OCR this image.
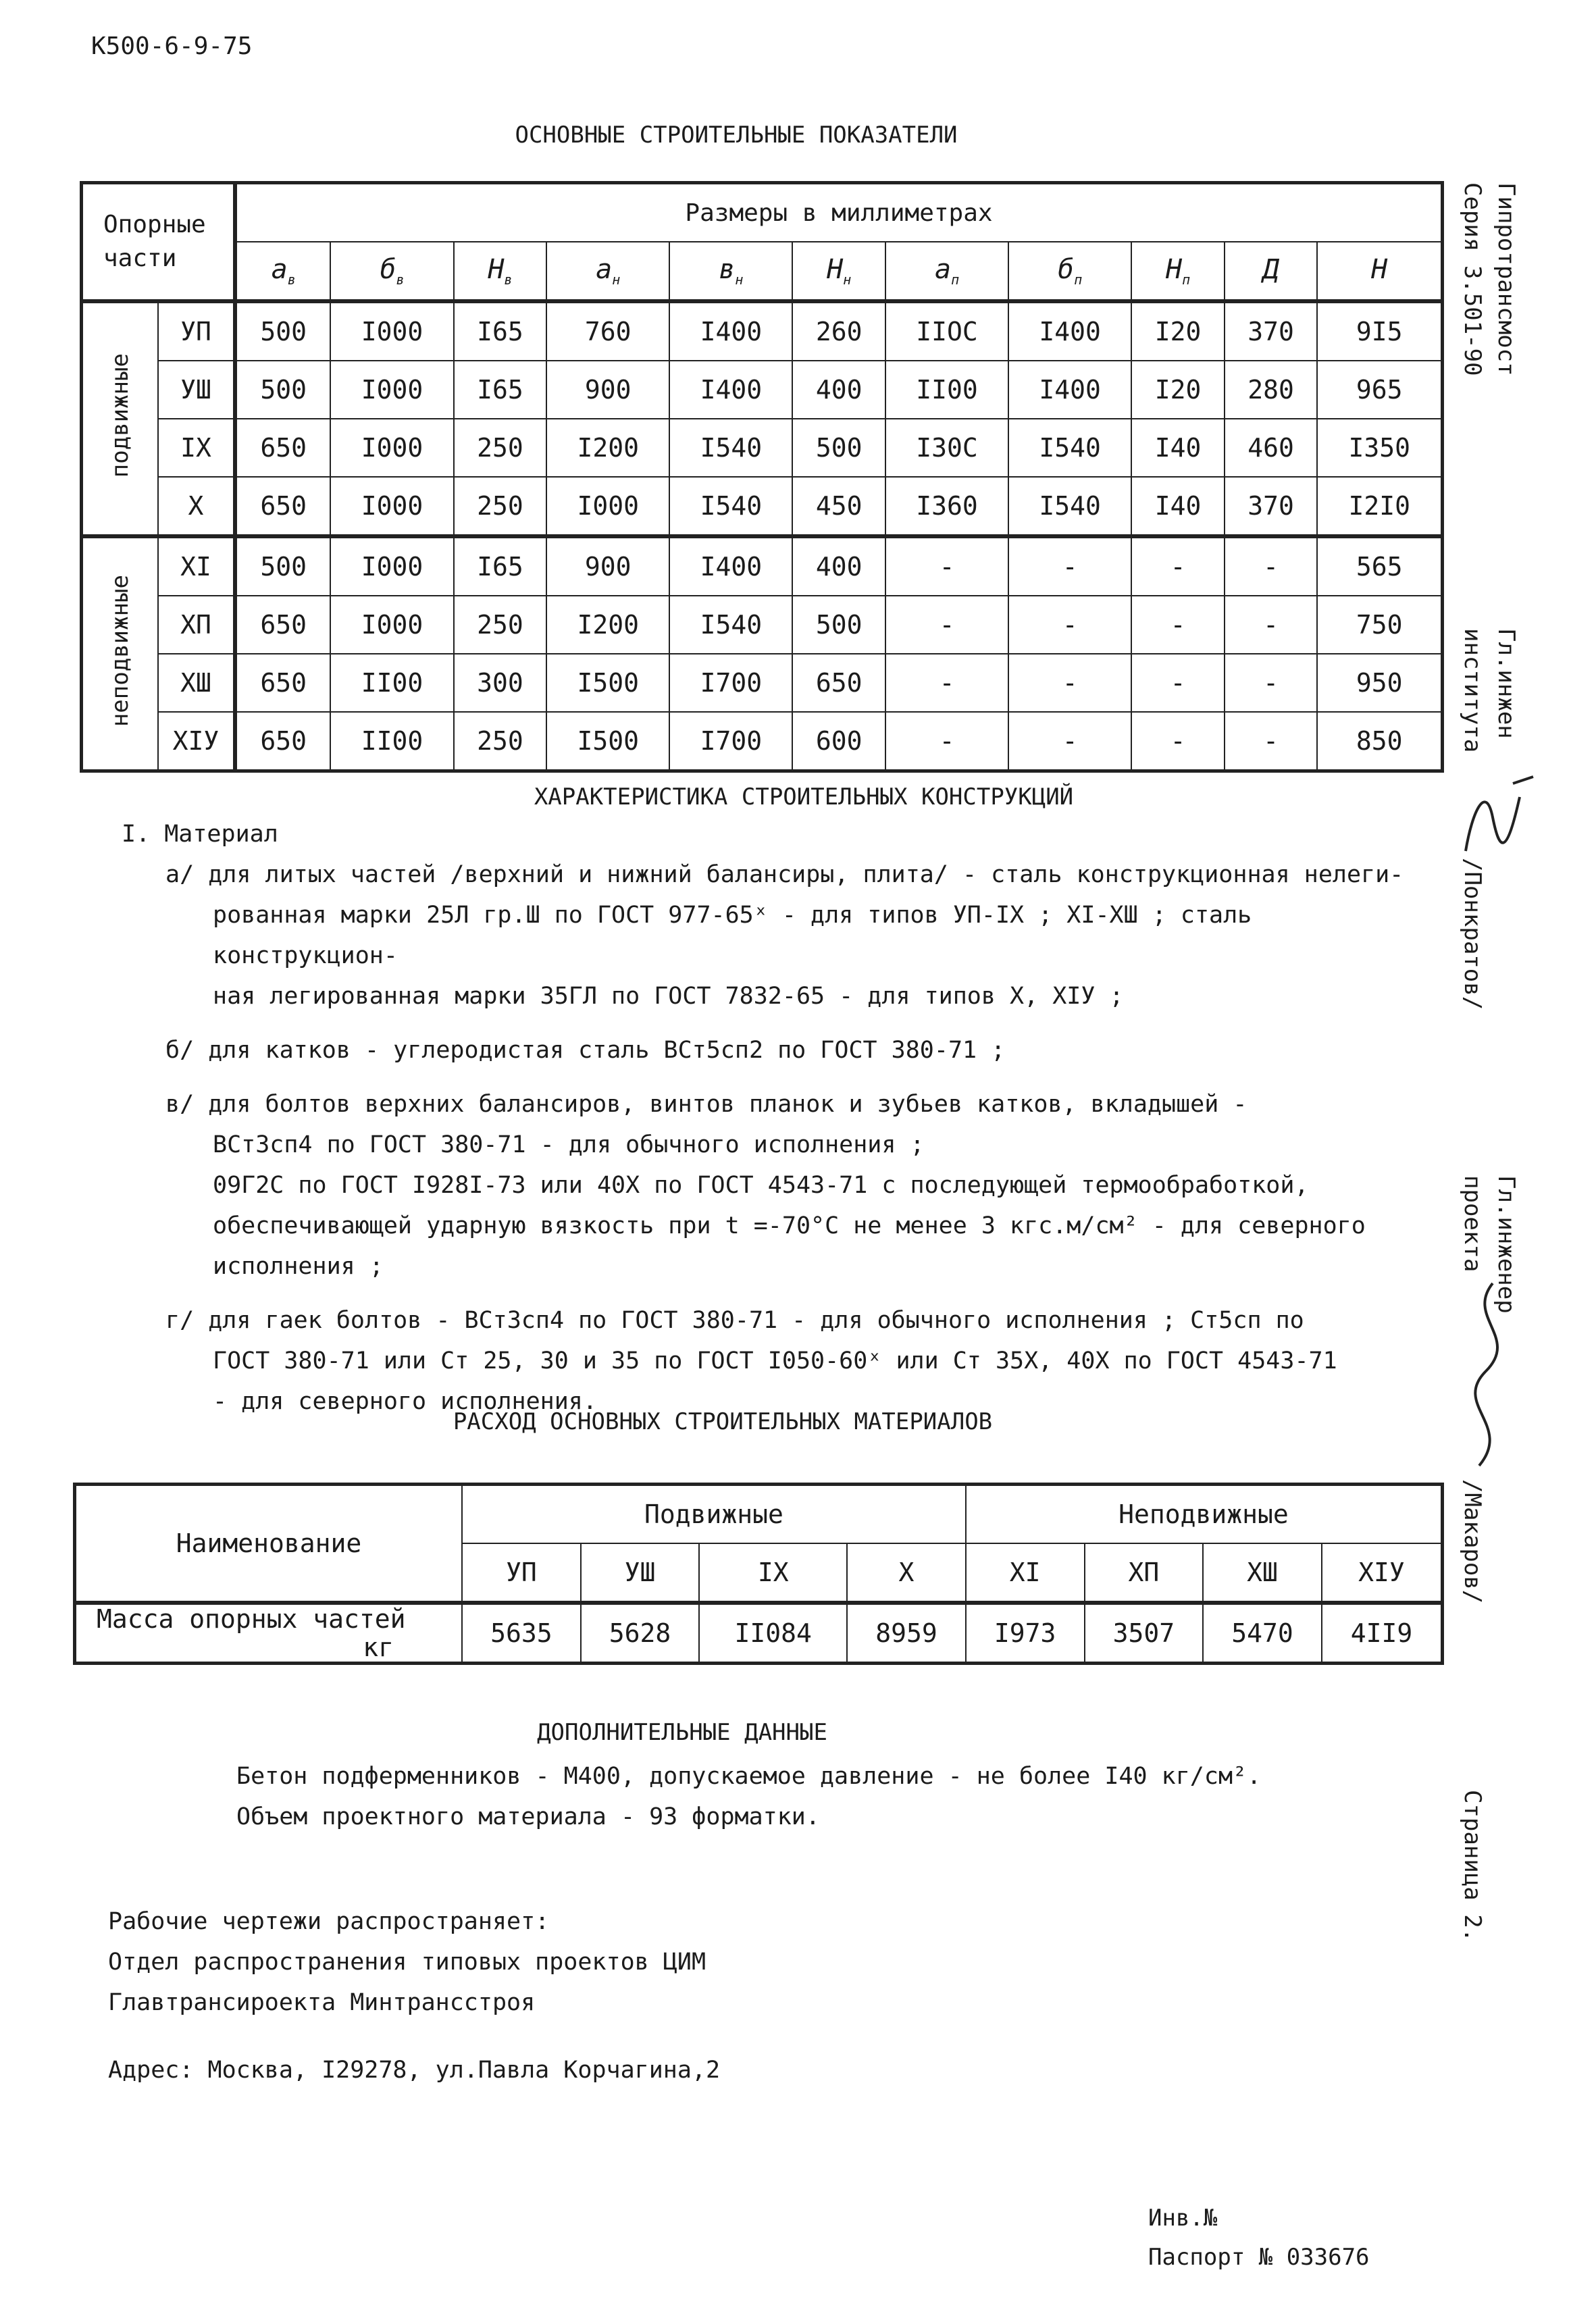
К500-6-9-75
ОСНОВНЫЕ СТРОИТЕЛЬНЫЕ ПОКАЗАТЕЛИ
Опорные части		Размеры в миллиметрах										
		$а_в$	$б_в$	$Н_в$	$а_н$	$в_н$	$Н_н$	$а_п$	$б_п$	$Н_п$	Д	Н
подвижные	УП	500	I000	I65	760	I400	260	IIOC	I400	I20	370	9I5
	УШ	500	I000	I65	900	I400	400	II00	I400	I20	280	965
	IX	650	I000	250	I200	I540	500	I30C	I540	I40	460	I350
	X	650	I000	250	I000	I540	450	I360	I540	I40	370	I2I0
неподвижные	XI	500	I000	I65	900	I400	400	-	-	-	-	565
	XП	650	I000	250	I200	I540	500	-	-	-	-	750
	XШ	650	II00	300	I500	I700	650	-	-	-	-	950
	XIУ	650	II00	250	I500	I700	600	-	-	-	-	850
ХАРАКТЕРИСТИКА СТРОИТЕЛЬНЫХ КОНСТРУКЦИЙ

I. Материал

а/ для литых частей /верхний и нижний балансиры, плита/ - сталь конструкционная нелеги-

рованная марки 25Л гр.Ш по ГОСТ 977-65ˣ - для типов УП-IX ; XI-XШ ; сталь конструкцион-

ная легированная марки 35ГЛ по ГОСТ 7832-65 - для типов X, XIУ ;

б/ для катков - углеродистая сталь ВСт5сп2 по ГОСТ 380-71 ;

в/ для болтов верхних балансиров, винтов планок и зубьев катков, вкладышей -

ВСт3сп4 по ГОСТ 380-71 - для обычного исполнения ;

09Г2С по ГОСТ I928I-73 или 40Х по ГОСТ 4543-71 с последующей термообработкой,

обеспечивающей ударную вязкость при t =-70°С не менее 3 кгс.м/см² - для северного

исполнения ;

г/ для гаек болтов - ВСт3сп4 по ГОСТ 380-71 - для обычного исполнения ; Ст5сп по

ГОСТ 380-71 или Ст 25, 30 и 35 по ГОСТ I050-60ˣ или Ст 35Х, 40Х по ГОСТ 4543-71

- для северного исполнения.

РАСХОД ОСНОВНЫХ СТРОИТЕЛЬНЫХ МАТЕРИАЛОВ
Наименование	Подвижные				Неподвижные			
	УП	УШ	IX	X	XI	XП	XШ	XIУ

Масса опорных частей
кг	5635	5628	II084	8959	I973	3507	5470	4II9
ДОПОЛНИТЕЛЬНЫЕ ДАННЫЕ

Бетон подферменников - М400, допускаемое давление - не более I40 кг/см².

Объем проектного материала - 93 форматки.

Рабочие чертежи распространяет:

Отдел распространения типовых проектов ЦИМ

Главтрансироекта Минтрансстроя

Адрес: Москва, I29278, ул.Павла Корчагина,2

Инв.№
Паспорт № 033676
Гипротрансмост
Серия 3.501-90
Гл.инжен
института
/Понкратов/
Гл.инженер
проекта
/Макаров/
Страница 2.
